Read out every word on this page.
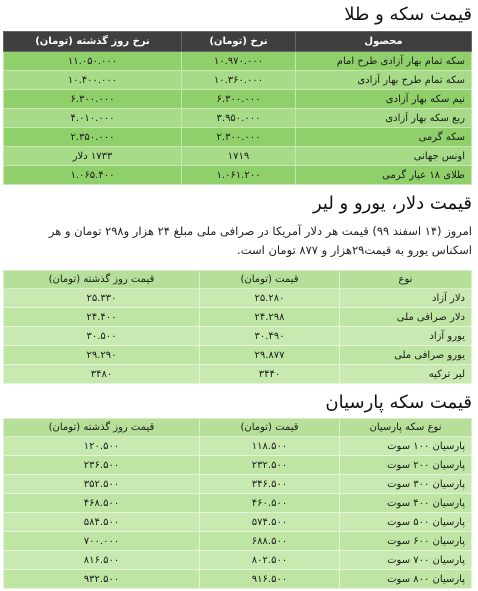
قیمت سکه و طلا
محصول	نرخ (تومان)	نرخ روز گذشته (تومان)
سکه تمام بهار آزادی طرح امام	۱۰.۹۷۰.۰۰۰	۱۱.۰۵۰.۰۰۰
سکه تمام طرح بهار آزادی	۱۰.۳۶۰.۰۰۰	۱۰.۴۰۰.۰۰۰
نیم سکه بهار آزادی	۶.۳۰۰.۰۰۰	۶.۳۰۰.۰۰۰
ربع سکه بهار آزادی	۳.۹۵۰.۰۰۰	۴.۰۱۰.۰۰۰
سکه گرمی	۲.۳۰۰.۰۰۰	۲.۳۵۰.۰۰۰
اونس جهانی	۱۷۱۹	۱۷۳۳ دلار
طلای ۱۸ عیار گرمی	۱.۰۶۱.۲۰۰	۱.۰۶۵.۴۰۰
قیمت دلار، یورو و لیر

امروز (۱۴ اسفند ۹۹) قیمت هر دلار آمریکا در صرافی ملی مبلغ ۲۴ هزار و۲۹۸ تومان و هر اسکناس یورو به قیمت۲۹هزار و ۸۷۷ تومان است.

نوع	قیمت (تومان)	قیمت روز گذشته (تومان)
دلار آزاد	۲۵.۲۸۰	۲۵.۳۳۰
دلار صرافی ملی	۲۴.۲۹۸	۲۴.۴۰۰
یورو آزاد	۳۰.۴۹۰	۳۰.۵۰۰
یورو صرافی ملی	۲۹.۸۷۷	۲۹.۲۹۰
لیر ترکیه	۳۴۴۰	۳۴۸۰
قیمت سکه پارسیان
نوع سکه پارسیان	قیمت (تومان)	قیمت روز گذشته (تومان)
پارسیان ۱۰۰ سوت	۱۱۸.۵۰۰	۱۲۰.۵۰۰
پارسیان ۲۰۰ سوت	۲۳۲.۵۰۰	۲۳۶.۵۰۰
پارسیان ۳۰۰ سوت	۳۴۶.۵۰۰	۳۵۲.۵۰۰
پارسیان ۴۰۰ سوت	۴۶۰.۵۰۰	۴۶۸.۵۰۰
پارسیان ۵۰۰ سوت	۵۷۴.۵۰۰	۵۸۴.۵۰۰
پارسیان ۶۰۰ سوت	۶۸۸.۵۰۰	۷۰۰.۰۰۰
پارسیان ۷۰۰ سوت	۸۰۲.۵۰۰	۸۱۶.۵۰۰
پارسیان ۸۰۰ سوت	۹۱۶.۵۰۰	۹۳۲.۵۰۰
